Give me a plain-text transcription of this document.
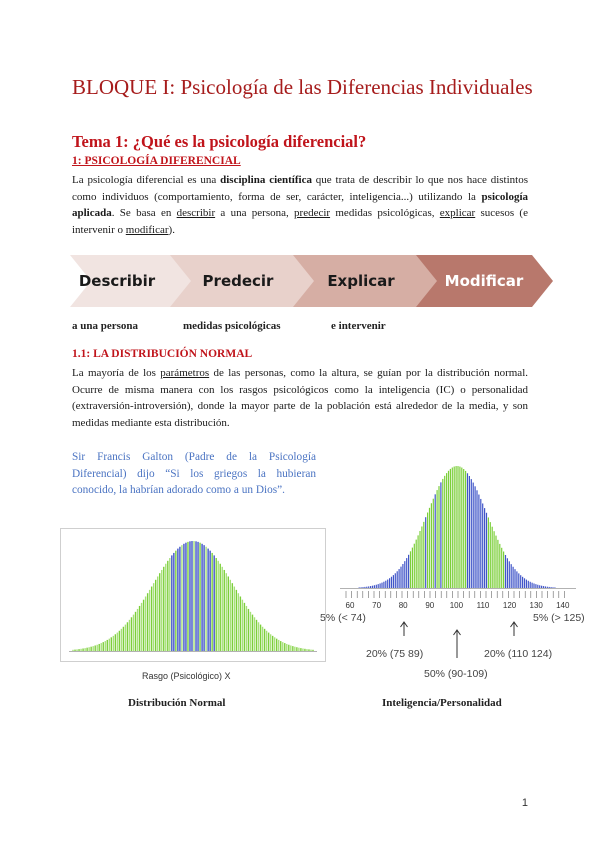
BLOQUE I: Psicología de las Diferencias Individuales
Tema 1: ¿Qué es la psicología diferencial?
1: PSICOLOGÍA DIFERENCIAL
La psicología diferencial es una disciplina científica que trata de describir lo que nos hace distintos como individuos (comportamiento, forma de ser, carácter, inteligencia...) utilizando la psicología aplicada. Se basa en describir a una persona, predecir medidas psicológicas, explicar sucesos (e intervenir o modificar).
Describir	Predecir	Explicar	Modificar
a una persona	medidas psicológicas	e intervenir
1.1: LA DISTRIBUCIÓN NORMAL
La mayoría de los parámetros de las personas, como la altura, se guían por la distribución normal. Ocurre de misma manera con los rasgos psicológicos como la inteligencia (IC) o personalidad (extraversión-introversión), donde la mayor parte de la población está alrededor de la media, y son medidas mediante esta distribución.
Sir Francis Galton (Padre de la Psicología Diferencial) dijo “Si los griegos la hubieran conocido, la habrían adorado como a un Dios”.
Rasgo (Psicológico) X
Distribución Normal
60 70 80 90 100 110 120 130 140
5% (< 74)	5% (> 125)
20% (75 89)	20% (110 124)
50% (90-109)
Inteligencia/Personalidad
1
